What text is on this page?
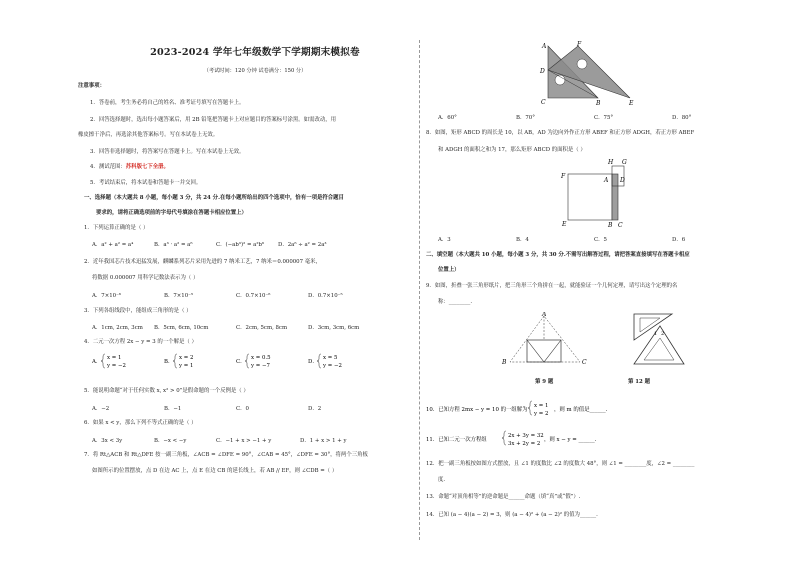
2023-2024 学年七年级数学下学期期末模拟卷
（考试时间：120 分钟 试卷满分：150 分）
注意事项：
1．答卷前，考生务必将自己的姓名、准考证号填写在答题卡上。
2．回答选择题时，选出每小题答案后，用 2B 铅笔把答题卡上对应题目的答案标号涂黑。如需改动，用
橡皮擦干净后，再选涂其他答案标号。写在本试卷上无效。
3．回答非选择题时，将答案写在答题卡上。写在本试卷上无效。
4．测试范围：苏科版七下全册。
5．考试结束后，将本试卷和答题卡一并交回。
一、选择题（本大题共 8 小题，每小题 3 分，共 24 分.在每小题所给出的四个选项中，恰有一项是符合题目
要求的，请将正确选项前的字母代号填涂在答题卡相应位置上）
1．下列运算正确的是（ ）
A．a² + a² = a⁴	B．a³ · a² = a⁶	C．(−ab³)² = a²b⁶	D．2a⁶ ÷ a² = 2a³
2．近年我国芯片技术迅猛发展，麒麟系列芯片采用先进的 7 纳米工艺，7 纳米＝0.000007 毫米，
将数据 0.000007 用科学记数法表示为（ ）
A．7×10⁻⁶	B．7×10⁻⁵	C．0.7×10⁻⁶	D．0.7×10⁻⁵
3．下列各组线段中，能组成三角形的是（ ）
A．1cm, 2cm, 3cm B．5cm, 6cm, 10cm	C．2cm, 5cm, 8cm	D．3cm, 3cm, 6cm
4．二元一次方程 2x − y = 3 的一个解是（ ）
A．
x = 1
y = −2
B．
x = 2
y = 1
C．
x = 0.5
y = −7
D．
x = 5
y = −2
5．能说明命题“对于任何实数 x, x² > 0”是假命题的一个反例是（ ）
A．−2	B．−1	C．0	D．2
6．如果 x < y，那么下列不等式正确的是（ ）
A．3x < 3y	B．−x < −y	C．−1 + x > −1 + y	D．1 + x > 1 + y
7．将 Rt△ACB 和 Rt△DFE 按一副三角板，∠ACB = ∠DFE = 90°，∠CAB = 45°，∠DFE = 30°，将两个三角板
如图所示的位置摆放，点 D 在边 AC 上，点 E 在边 CB 的延长线上，若 AB // EF，则 ∠CDB =（ ）
A	F
D
C	B	E
A．60°	B．70°	C．75°	D．80°
8．如图，矩形 ABCD 的周长是 10，以 AB，AD 为边向外作正方形 ABEF 和正方形 ADGH，若正方形 ABEF
和 ADGH 的面积之和为 17，那么矩形 ABCD 的面积是（ ）
H G
F
A D
E	B C
A．3	B．4	C．5	D．6
二、填空题（本大题共 10 小题，每小题 3 分，共 30 分.不需写出解答过程，请把答案直接填写在答题卡相应
位置上）
9．如图，折叠一张三角形纸片，把三角形三个角拼在一起，就能验证一个几何定理，请写出这个定理的名
称：________.
A
B	C
第 9 题
1 2
第 12 题
10．已知方程 2mx − y = 10 的一组解为
x = 1
y = 2
，则 m 的值是______.
11．已知二元一次方程组
2x + 3y = 32
3x + 2y = 2
，则 x − y = ______.
12．把一副三角板按如图方式摆放，且 ∠1 的度数比 ∠2 的度数大 48°，则 ∠1 = ________度，∠2 = ________
度.
13．命题“对顶角相等”的逆命题是______命题（填“真”或“假”）.
14．已知 (a − 4)(a − 2) = 3，则 (a − 4)² + (a − 2)² 的值为______.
